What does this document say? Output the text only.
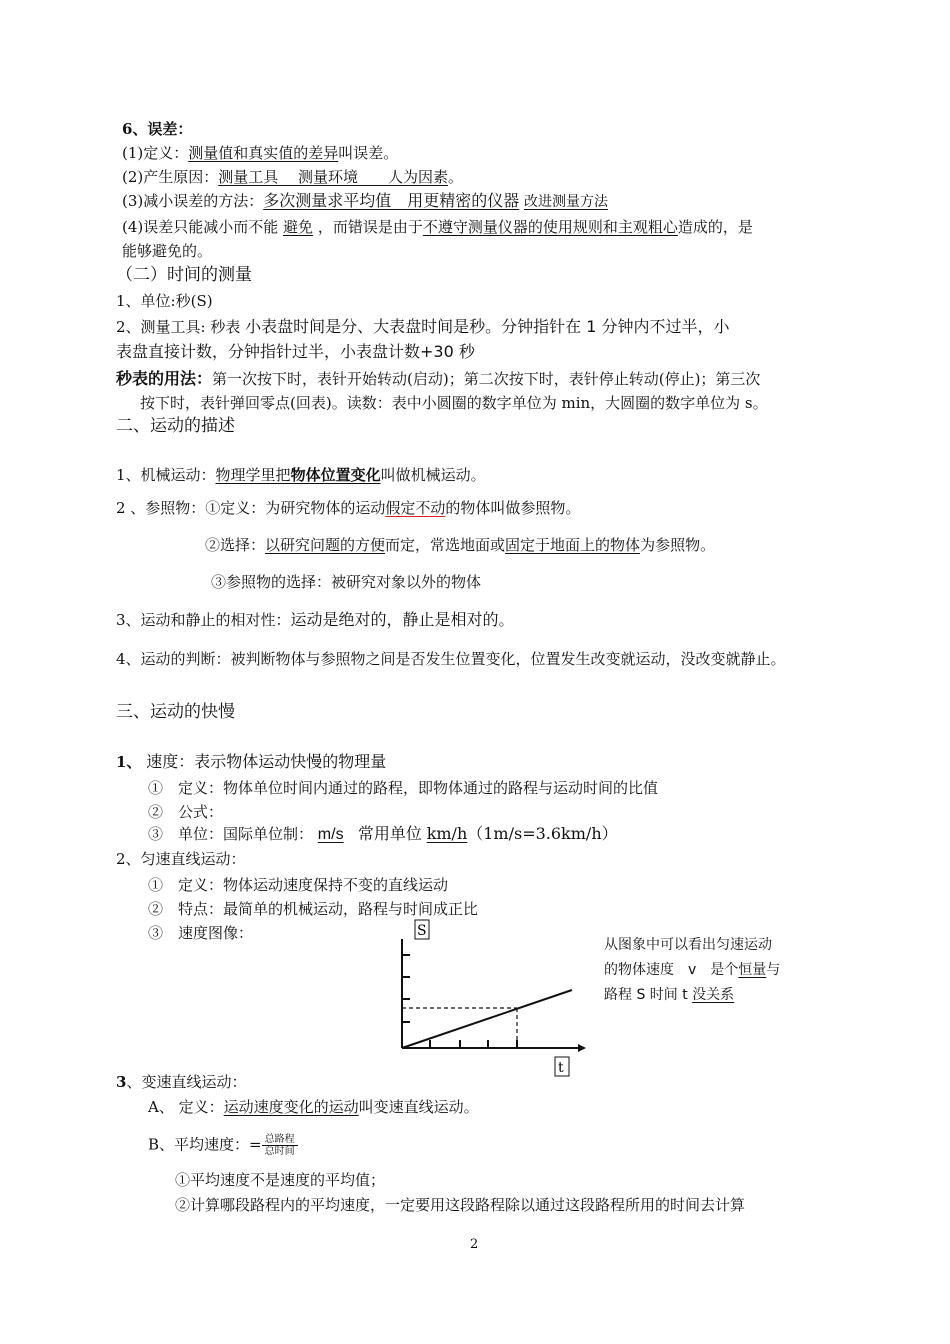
6、误差：
(1)定义：测量值和真实值的差异叫误差。
(2)产生原因：测量工具　 测量环境　　人为因素。
(3)减小误差的方法：多次测量求平均值　用更精密的仪器 改进测量方法
(4)误差只能减小而不能 避免 ，而错误是由于不遵守测量仪器的使用规则和主观粗心造成的，是
能够避免的。
（二）时间的测量
1、单位:秒(S)
2、测量工具: 秒表 小表盘时间是分、大表盘时间是秒。分钟指针在 1 分钟内不过半，小
表盘直接计数，分钟指针过半，小表盘计数+30 秒
秒表的用法：第一次按下时，表针开始转动(启动)；第二次按下时，表针停止转动(停止)；第三次
按下时，表针弹回零点(回表)。读数：表中小圆圈的数字单位为 min，大圆圈的数字单位为 s。
二、运动的描述
1、机械运动：物理学里把物体位置变化叫做机械运动。
2 、参照物：①定义：为研究物体的运动假定不动的物体叫做参照物。
②选择：以研究问题的方便而定，常选地面或固定于地面上的物体为参照物。
③参照物的选择：被研究对象以外的物体
3、运动和静止的相对性：运动是绝对的，静止是相对的。
4、运动的判断：被判断物体与参照物之间是否发生位置变化，位置发生改变就运动，没改变就静止。
三、运动的快慢
1、 速度：表示物体运动快慢的物理量
①　定义：物体单位时间内通过的路程，即物体通过的路程与运动时间的比值
②　公式：
③　单位：国际单位制： m/s 常用单位 km/h（1m/s=3.6km/h）
2、匀速直线运动：
①　定义：物体运动速度保持不变的直线运动
②　特点：最简单的机械运动，路程与时间成正比
③　速度图像：	S
t
从图象中可以看出匀速运动
的物体速度　v　是个恒量与
路程 S 时间 t 没关系
3、变速直线运动：
A、 定义：运动速度变化的运动叫变速直线运动。
B、平均速度：= $\frac{\text{总路程}}{\text{总时间}}$
①平均速度不是速度的平均值；
②计算哪段路程内的平均速度，一定要用这段路程除以通过这段路程所用的时间去计算
2
